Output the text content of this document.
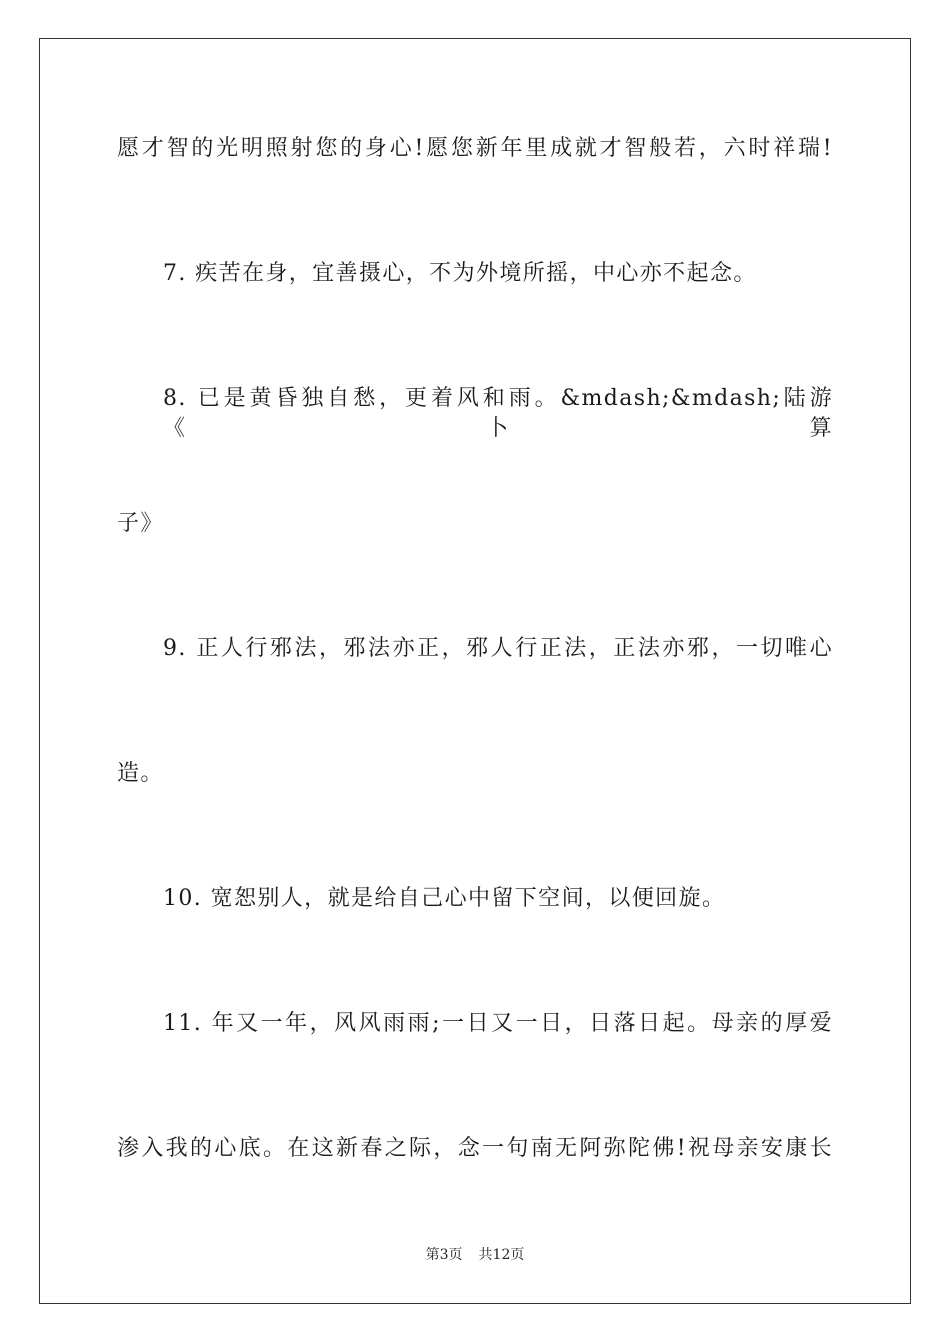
愿才智的光明照射您的身心!愿您新年里成就才智般若，六时祥瑞!
7. 疾苦在身，宜善摄心，不为外境所摇，中心亦不起念。
8. 已是黄昏独自愁，更着风和雨。&mdash;&mdash;陆游《卜算
子》
9. 正人行邪法，邪法亦正，邪人行正法，正法亦邪，一切唯心
造。
10. 宽恕别人，就是给自己心中留下空间，以便回旋。
11. 年又一年，风风雨雨;一日又一日，日落日起。母亲的厚爱
渗入我的心底。在这新春之际，念一句南无阿弥陀佛!祝母亲安康长
第3页 共12页
